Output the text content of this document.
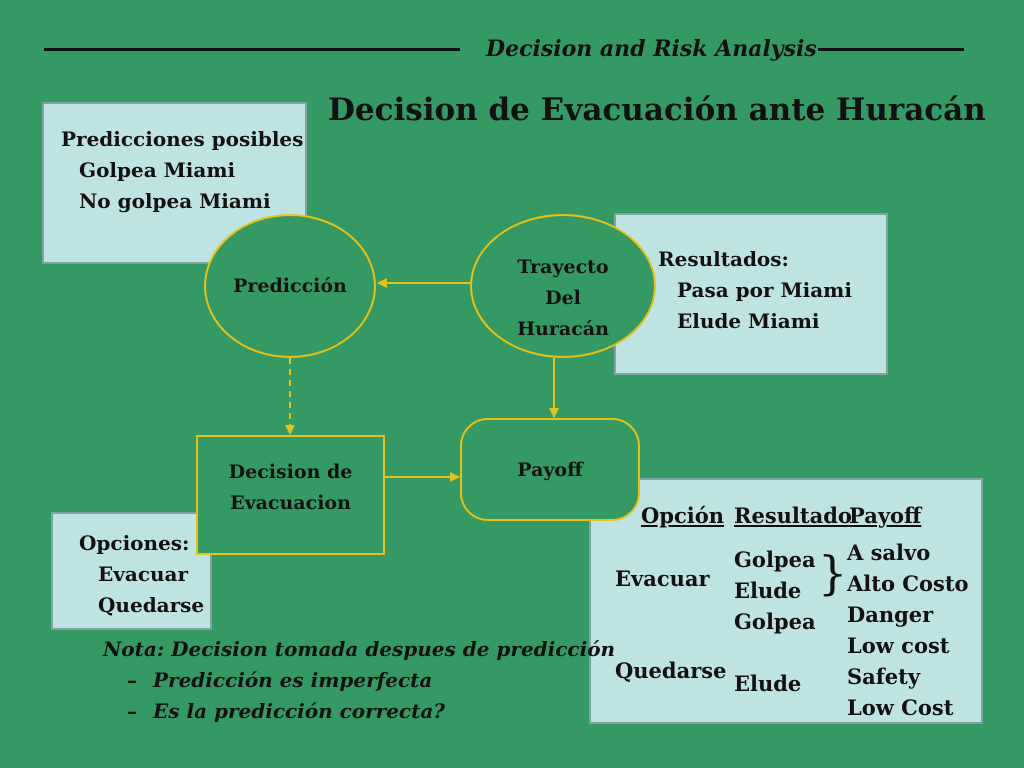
Decision and Risk Analysis
Decision de Evacuación ante Huracán
Predicciones posibles
Golpea Miami
No golpea Miami
Resultados:
Pasa por Miami
Elude Miami
Opción Resultado
Payoff
Evacuar
Quedarse
Golpea
Elude
Golpea
Elude
} A salvo
Alto Costo
Danger
Low cost
Safety
Low Cost
Opciones:
Evacuar
Quedarse
Decision de
Evacuacion
Payoff
Predicción
Trayecto
Del
Huracán
Nota: Decision tomada despues de predicción
– Predicción es imperfecta
– Es la predicción correcta?
